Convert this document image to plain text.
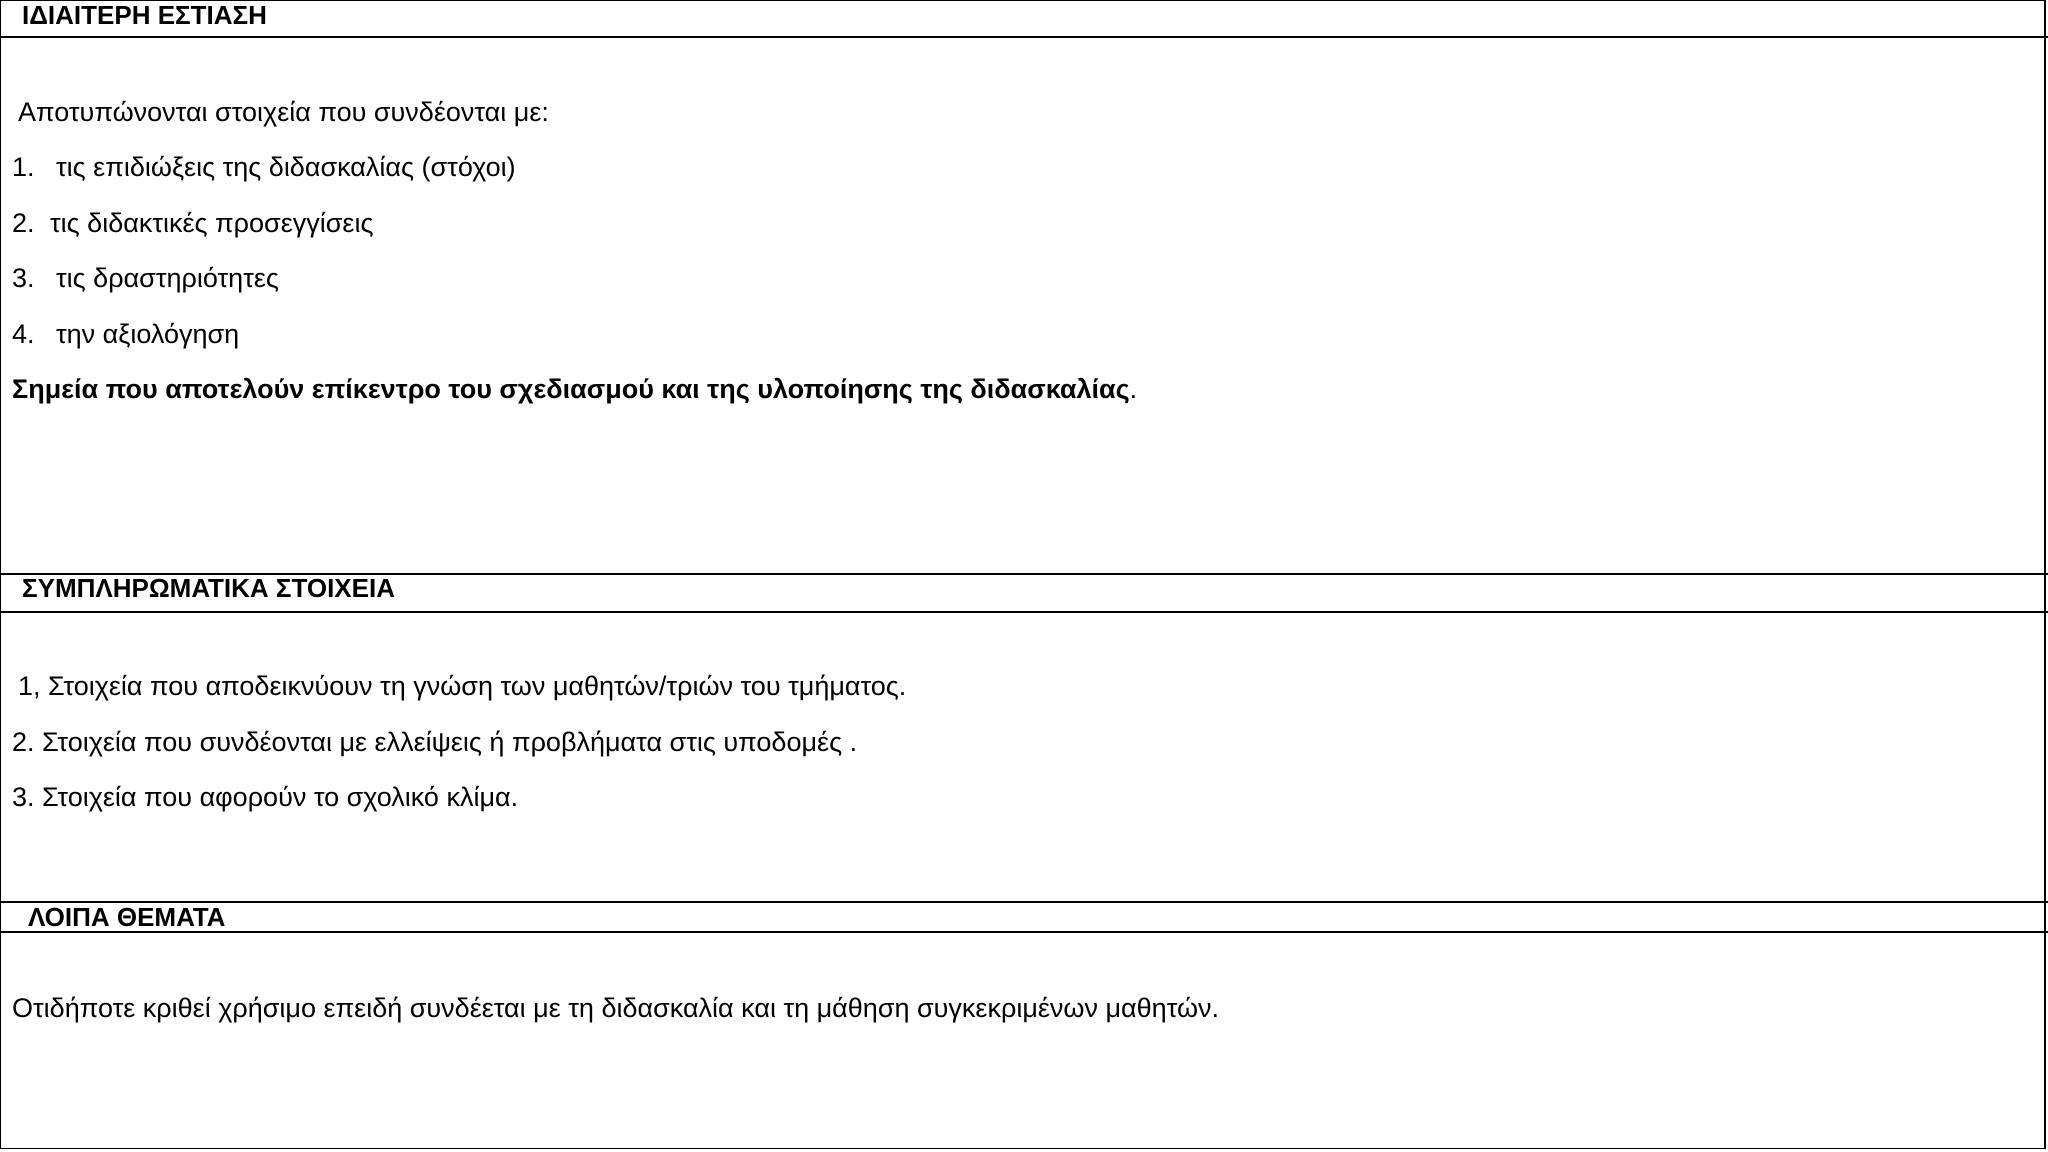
ΙΔΙΑΙΤΕΡΗ ΕΣΤΙΑΣΗ
Αποτυπώνονται στοιχεία που συνδέονται με:
1. τις επιδιώξεις της διδασκαλίας (στόχοι)
2. τις διδακτικές προσεγγίσεις
3. τις δραστηριότητες
4. την αξιολόγηση
Σημεία που αποτελούν επίκεντρο του σχεδιασμού και της υλοποίησης της διδασκαλίας.
ΣΥΜΠΛΗΡΩΜΑΤΙΚΑ ΣΤΟΙΧΕΙΑ
1, Στοιχεία που αποδεικνύουν τη γνώση των μαθητών/τριών του τμήματος.
2. Στοιχεία που συνδέονται με ελλείψεις ή προβλήματα στις υποδομές .
3. Στοιχεία που αφορούν το σχολικό κλίμα.
ΛΟΙΠΑ ΘΕΜΑΤΑ
Οτιδήποτε κριθεί χρήσιμο επειδή συνδέεται με τη διδασκαλία και τη μάθηση συγκεκριμένων μαθητών.
